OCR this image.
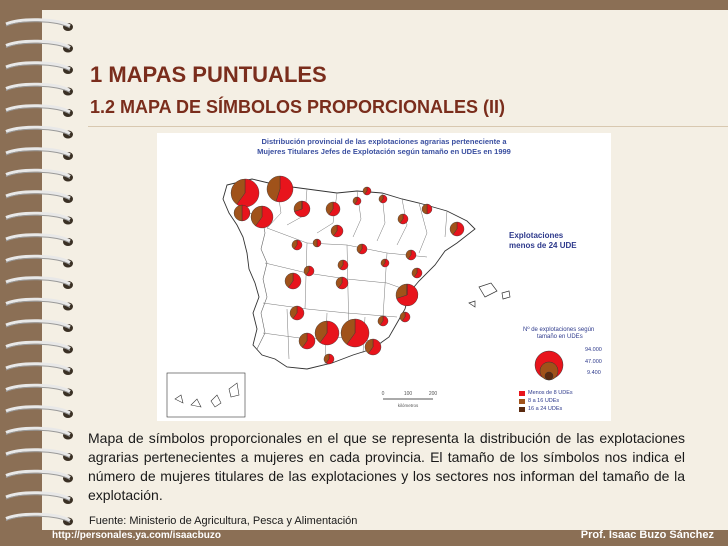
1 MAPAS PUNTUALES
1.2 MAPA DE SÍMBOLOS PROPORCIONALES (II)
Distribución provincial de las explotaciones agrarias perteneciente a
Mujeres Titulares Jefes de Explotación según tamaño en UDEs en 1999
0	100	200
kilómetros
Explotaciones
menos de 24 UDE
Nº de explotaciones según
tamaño en UDEs
94.000
47.000
9.400
Menos de 8 UDEs
8 a 16 UDEs
16 a 24 UDEs
Mapa de símbolos proporcionales en el que se representa la distribución de las explotaciones agrarias pertenecientes a mujeres en cada provincia. El tamaño de los símbolos nos indica el número de mujeres titulares de las explotaciones y los sectores nos informan del tamaño de la explotación.
Fuente: Ministerio de Agricultura, Pesca y Alimentación
http://personales.ya.com/isaacbuzo	Prof. Isaac Buzo Sánchez
